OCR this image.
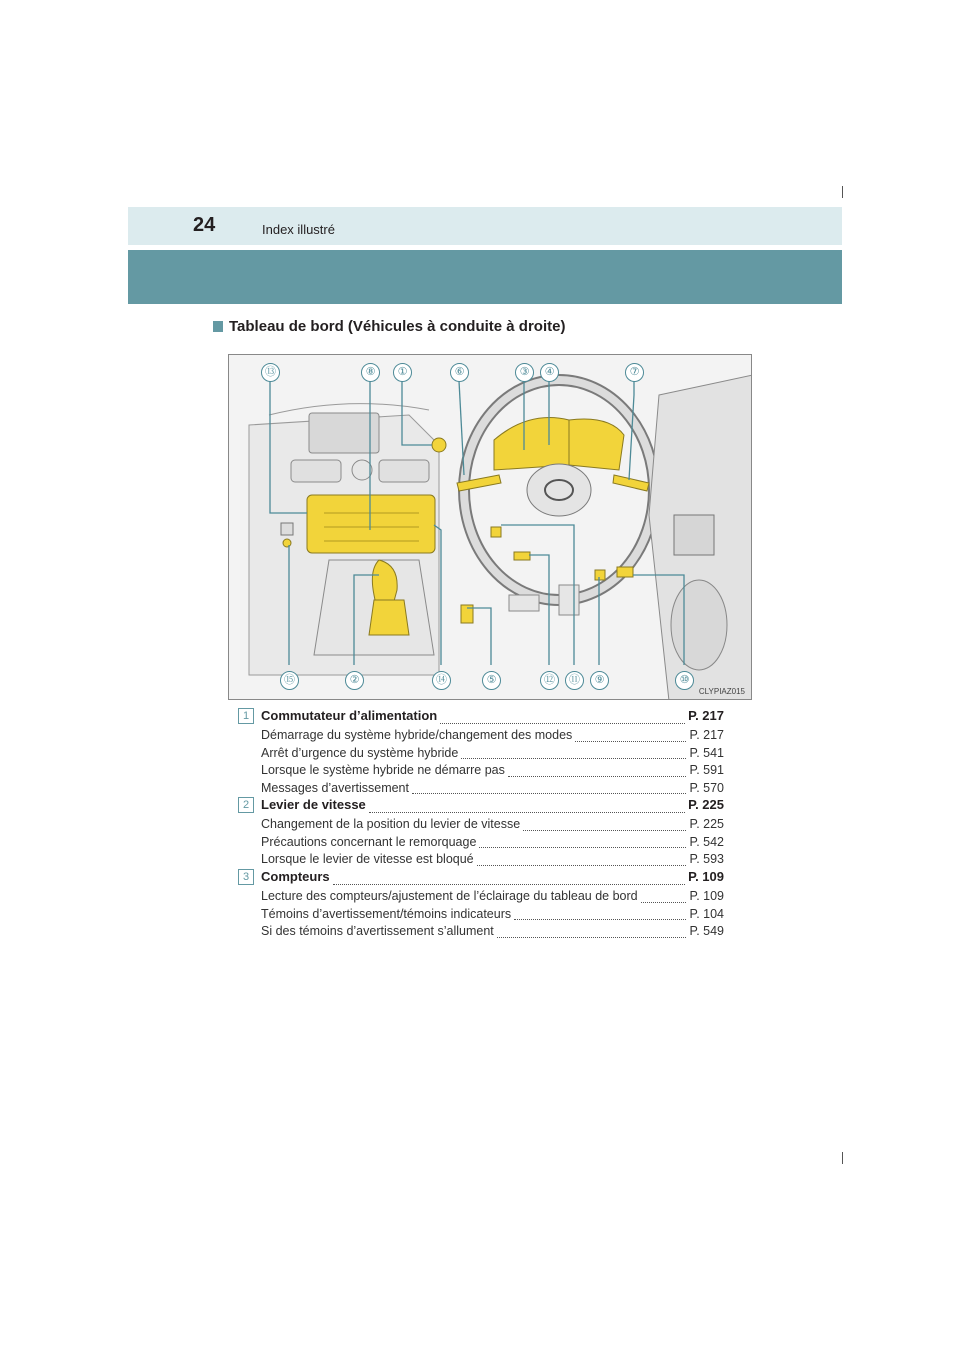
24	Index illustré
Tableau de bord (Véhicules à conduite à droite)
⑬	⑧	①	⑥	③	④	⑦
⑮	②	⑭	⑤	⑫	⑪	⑨	⑩
CLYPIAZ015
1 Commutateur d’alimentation	P. 217
Démarrage du système hybride/changement des modes	P. 217
Arrêt d’urgence du système hybride	P. 541
Lorsque le système hybride ne démarre pas	P. 591
Messages d’avertissement	P. 570
2 Levier de vitesse	P. 225
Changement de la position du levier de vitesse	P. 225
Précautions concernant le remorquage	P. 542
Lorsque le levier de vitesse est bloqué	P. 593
3 Compteurs	P. 109
Lecture des compteurs/ajustement de l’éclairage du tableau de bord	P. 109
Témoins d’avertissement/témoins indicateurs	P. 104
Si des témoins d’avertissement s’allument	P. 549
